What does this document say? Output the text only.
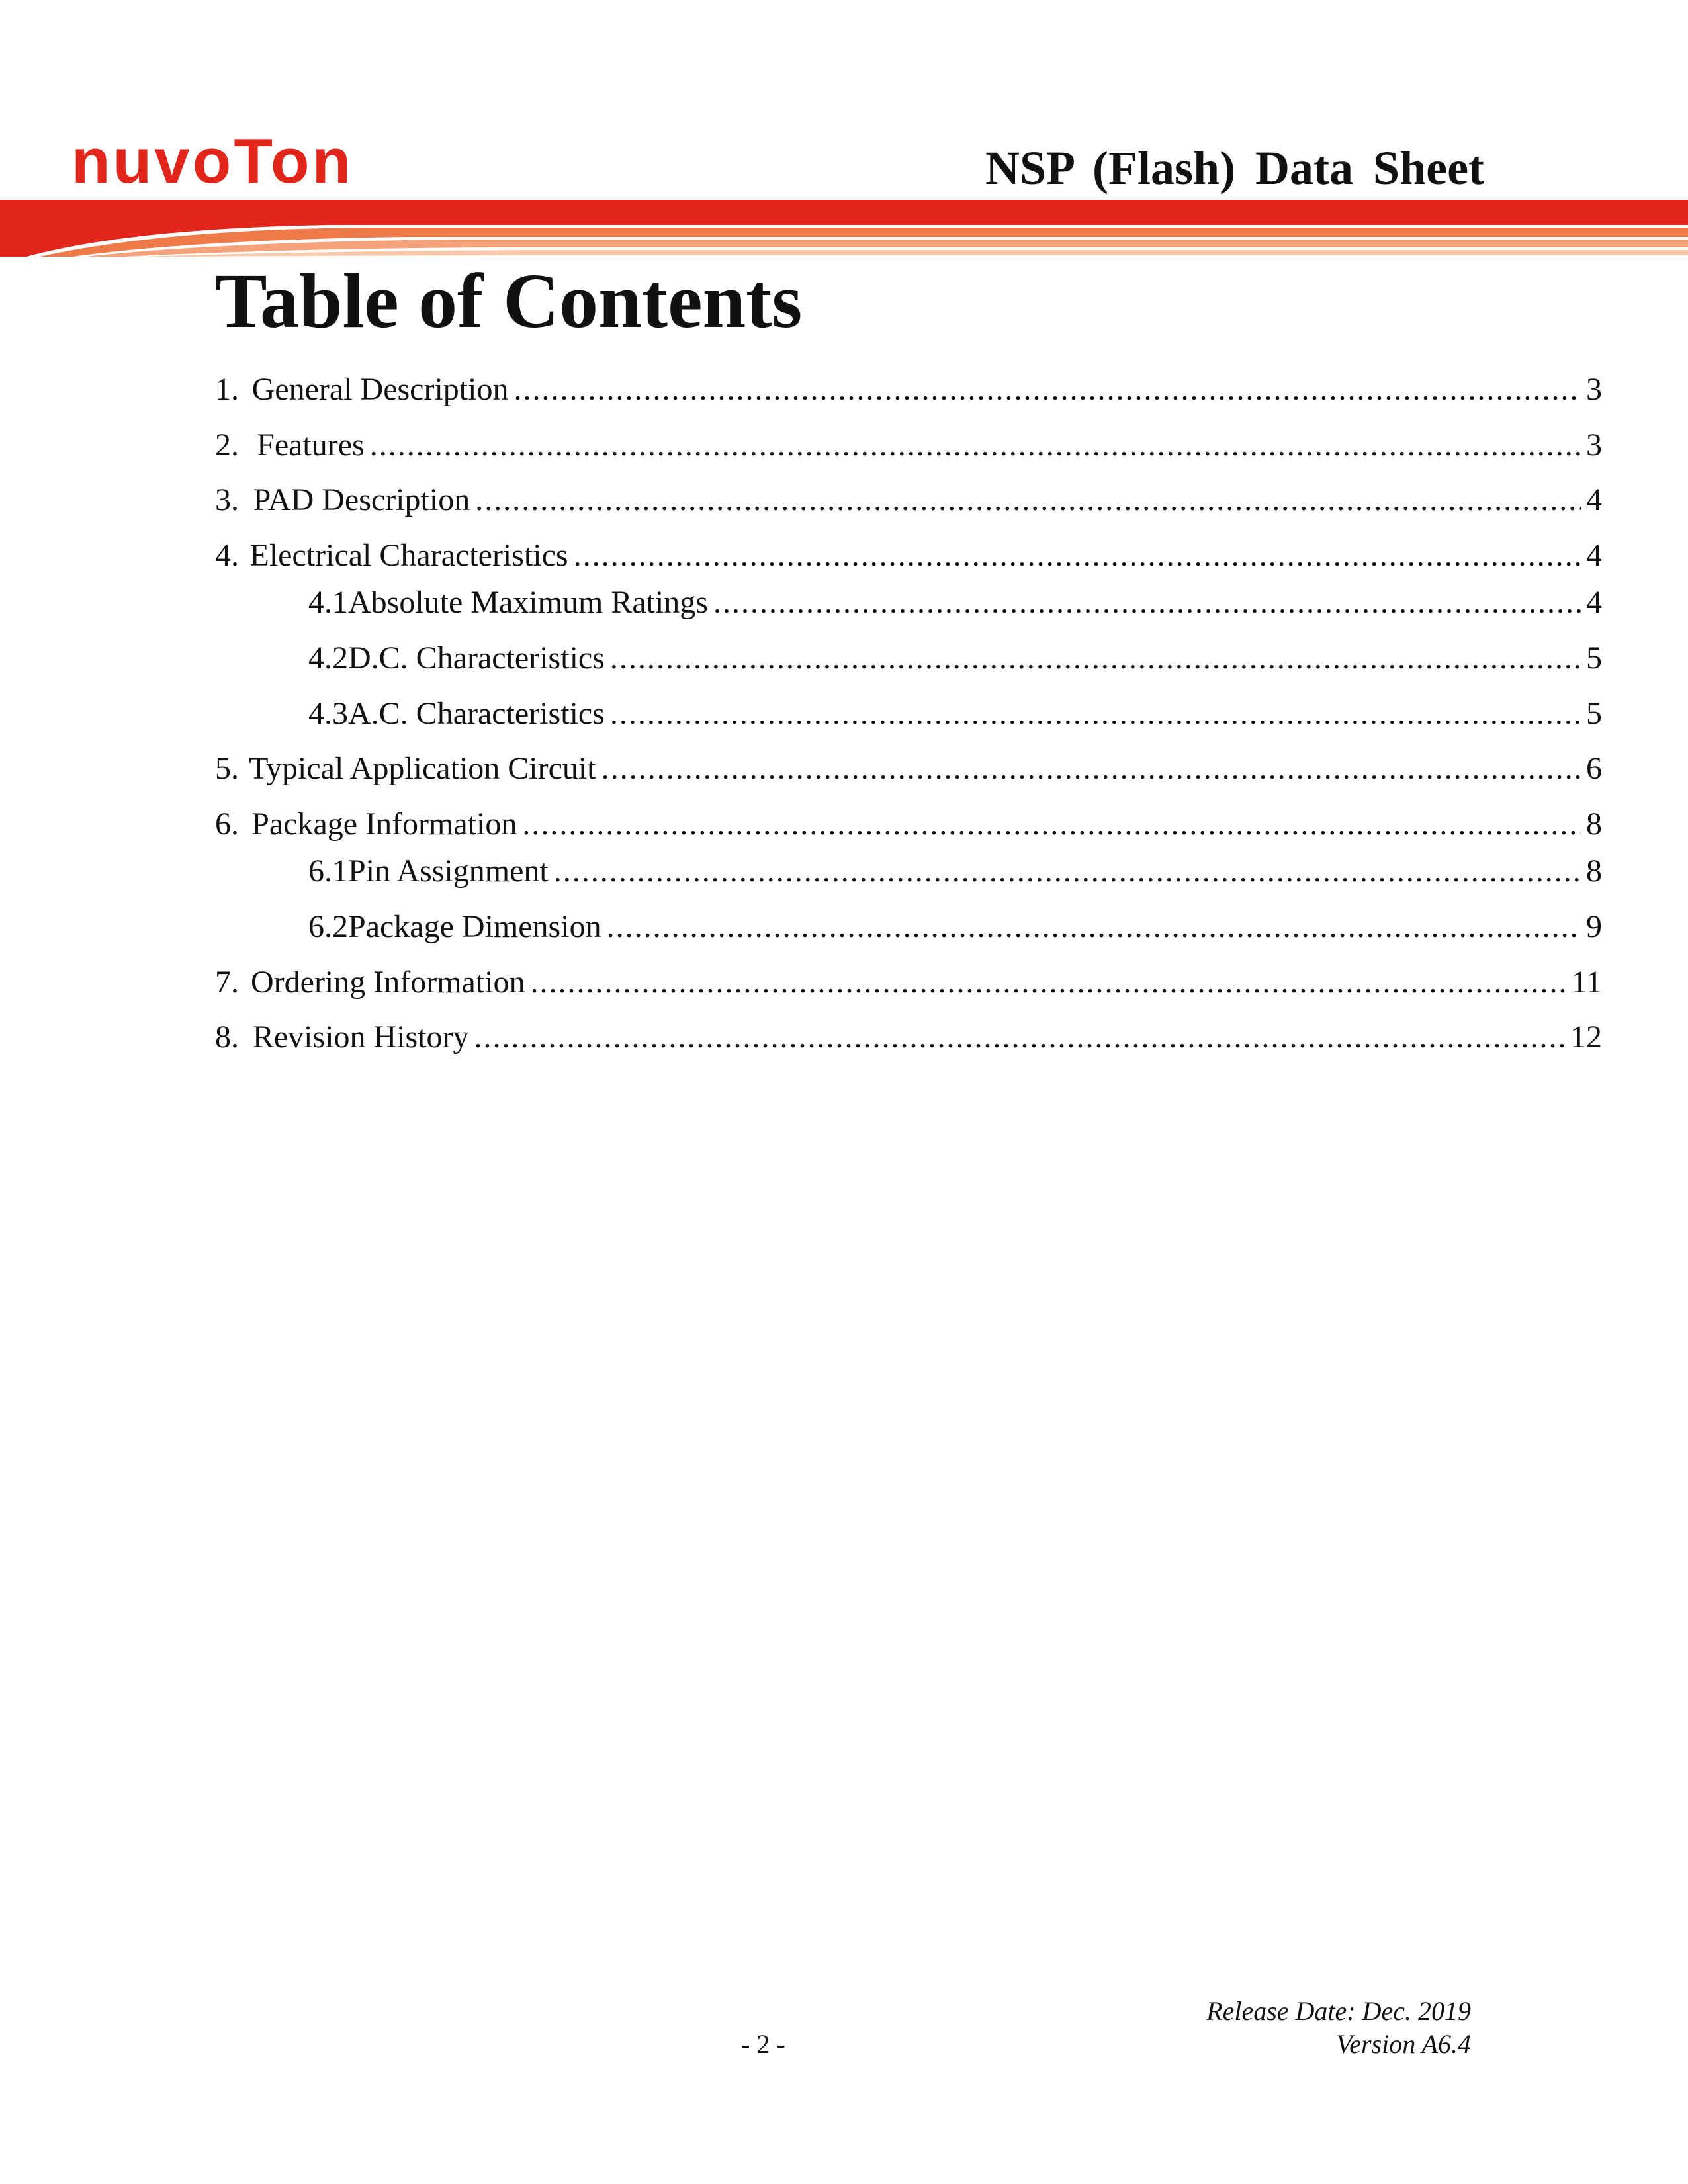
nuvoTon	NSP (Flash) Data Sheet
Table of Contents
1. General Description .....	3
2. Features .....	3
3. PAD Description .....	4
4. Electrical Characteristics .....	4
4.1 Absolute Maximum Ratings .....	4
4.2 D.C. Characteristics .....	5
4.3 A.C. Characteristics .....	5
5. Typical Application Circuit .....	6
6. Package Information .....	8
6.1 Pin Assignment .....	8
6.2 Package Dimension .....	9
7. Ordering Information .....	11
8. Revision History .....	12
Release Date: Dec. 2019
Version A6.4
- 2 -
